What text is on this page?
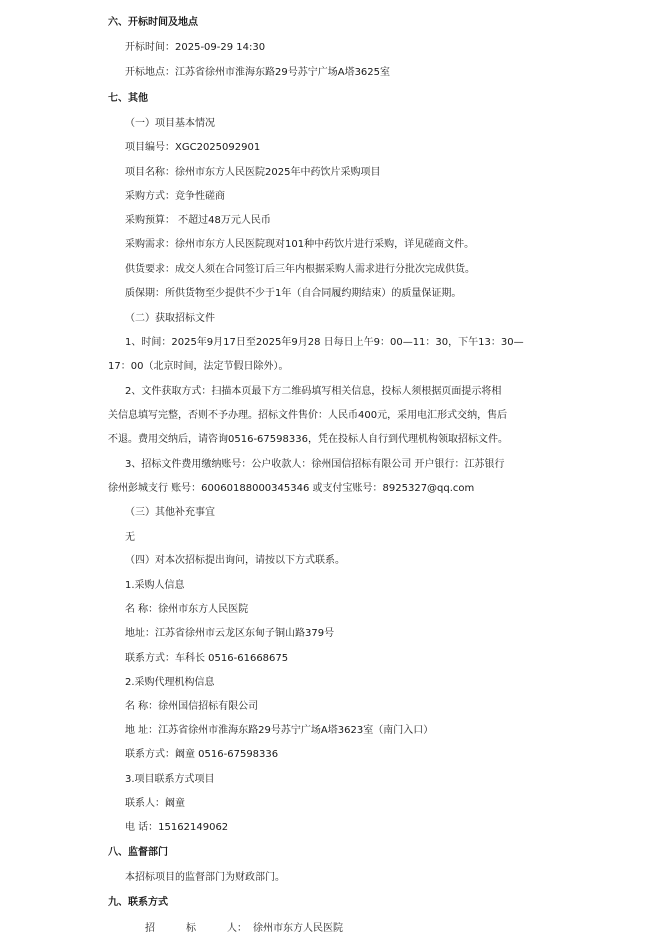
六、开标时间及地点
开标时间：2025-09-29 14:30
开标地点：江苏省徐州市淮海东路29号苏宁广场A塔3625室
七、其他
（一）项目基本情况
项目编号：XGC2025092901
项目名称：徐州市东方人民医院2025年中药饮片采购项目
采购方式：竞争性磋商
采购预算： 不超过48万元人民币
采购需求：徐州市东方人民医院现对101种中药饮片进行采购，详见磋商文件。
供货要求：成交人须在合同签订后三年内根据采购人需求进行分批次完成供货。
质保期：所供货物至少提供不少于1年（自合同履约期结束）的质量保证期。
（二）获取招标文件
1、时间：2025年9月17日至2025年9月28 日每日上午9：00—11：30，下午13：30—
17：00（北京时间，法定节假日除外）。
2、文件获取方式：扫描本页最下方二维码填写相关信息，投标人须根据页面提示将相
关信息填写完整，否则不予办理。招标文件售价：人民币400元，采用电汇形式交纳，售后
不退。费用交纳后，请咨询0516-67598336，凭在投标人自行到代理机构领取招标文件。
3、招标文件费用缴纳账号：公户收款人：徐州国信招标有限公司 开户银行：江苏银行
徐州彭城支行 账号：60060188000345346 或支付宝账号：892532​7@qq.com
（三）其他补充事宜
无
（四）对本次招标提出询问，请按以下方式联系。
1.采购人信息
名 称：徐州市东方人民医院
地址：江苏省徐州市云龙区东甸子铜山路379号
联系方式：车科长 0516-61668675
2.采购代理机构信息
名 称：徐州国信招标有限公司
地 址：江苏省徐州市淮海东路29号苏宁广场A塔3623室（南门入口）
联系方式：阚童 0516-67598336
3.项目联系方式项目
联系人：阚童
电 话：15162149062
八、监督部门
本招标项目的监督部门为财政部门。
九、联系方式
招	标	人： 徐州市东方人民医院
